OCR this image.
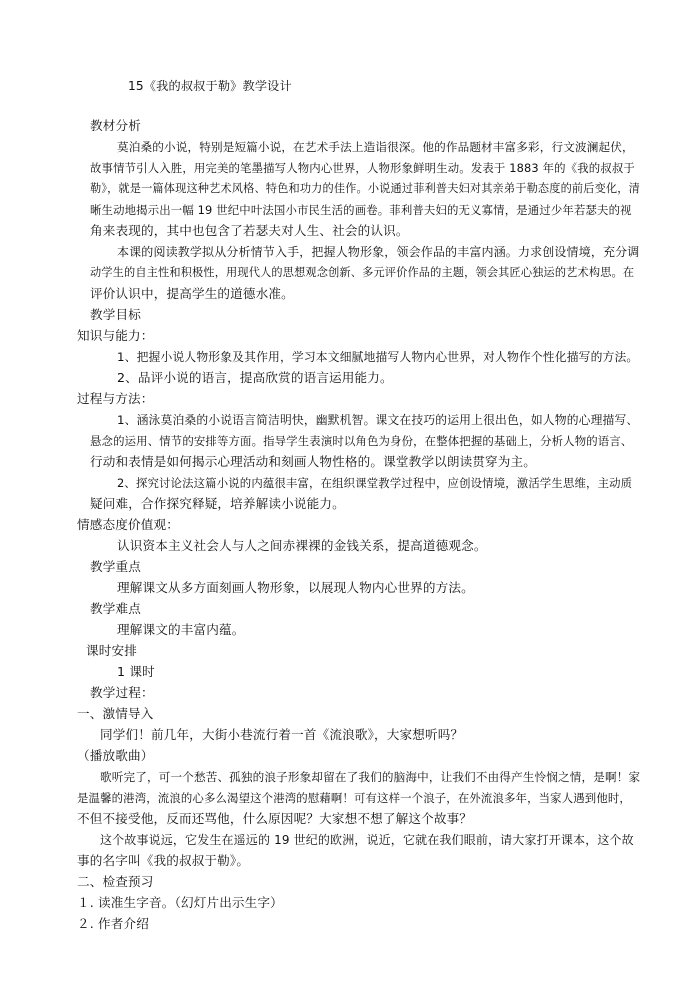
15《我的叔叔于勒》教学设计
教材分析
莫泊桑的小说，特别是短篇小说，在艺术手法上造诣很深。他的作品题材丰富多彩，行文波澜起伏，
故事情节引人入胜，用完美的笔墨描写人物内心世界，人物形象鲜明生动。发表于 1883 年的《我的叔叔于
勒》，就是一篇体现这种艺术风格、特色和功力的佳作。小说通过菲利普夫妇对其亲弟于勒态度的前后变化，清
晰生动地揭示出一幅 19 世纪中叶法国小市民生活的画卷。菲利普夫妇的无义寡情，是通过少年若瑟夫的视
角来表现的，其中也包含了若瑟夫对人生、社会的认识。
本课的阅读教学拟从分析情节入手，把握人物形象，领会作品的丰富内涵。力求创设情境，充分调
动学生的自主性和积极性，用现代人的思想观念创新、多元评价作品的主题，领会其匠心独运的艺术构思。在
评价认识中，提高学生的道德水准。
教学目标
知识与能力：
1、把握小说人物形象及其作用，学习本文细腻地描写人物内心世界，对人物作个性化描写的方法。
2、品评小说的语言，提高欣赏的语言运用能力。
过程与方法：
1、涵泳莫泊桑的小说语言简洁明快，幽默机智。课文在技巧的运用上很出色，如人物的心理描写、
悬念的运用、情节的安排等方面。指导学生表演时以角色为身份，在整体把握的基础上，分析人物的语言、
行动和表情是如何揭示心理活动和刻画人物性格的。课堂教学以朗读贯穿为主。
2、探究讨论法这篇小说的内蕴很丰富，在组织课堂教学过程中，应创设情境，激活学生思维，主动质
疑问难，合作探究释疑，培养解读小说能力。
情感态度价值观：
认识资本主义社会人与人之间赤裸裸的金钱关系，提高道德观念。
教学重点
理解课文从多方面刻画人物形象，以展现人物内心世界的方法。
教学难点
理解课文的丰富内蕴。
课时安排
1 课时
教学过程：
一、激情导入
同学们！前几年，大街小巷流行着一首《流浪歌》，大家想听吗？
（播放歌曲）
歌听完了，可一个愁苦、孤独的浪子形象却留在了我们的脑海中，让我们不由得产生怜悯之情，是啊！家
是温馨的港湾，流浪的心多么渴望这个港湾的慰藉啊！可有这样一个浪子，在外流浪多年，当家人遇到他时，
不但不接受他，反而还骂他，什么原因呢？大家想不想了解这个故事？
这个故事说远，它发生在遥远的 19 世纪的欧洲，说近，它就在我们眼前，请大家打开课本，这个故
事的名字叫《我的叔叔于勒》。
二、检查预习
１. 读准生字音。（幻灯片出示生字）
２. 作者介绍
